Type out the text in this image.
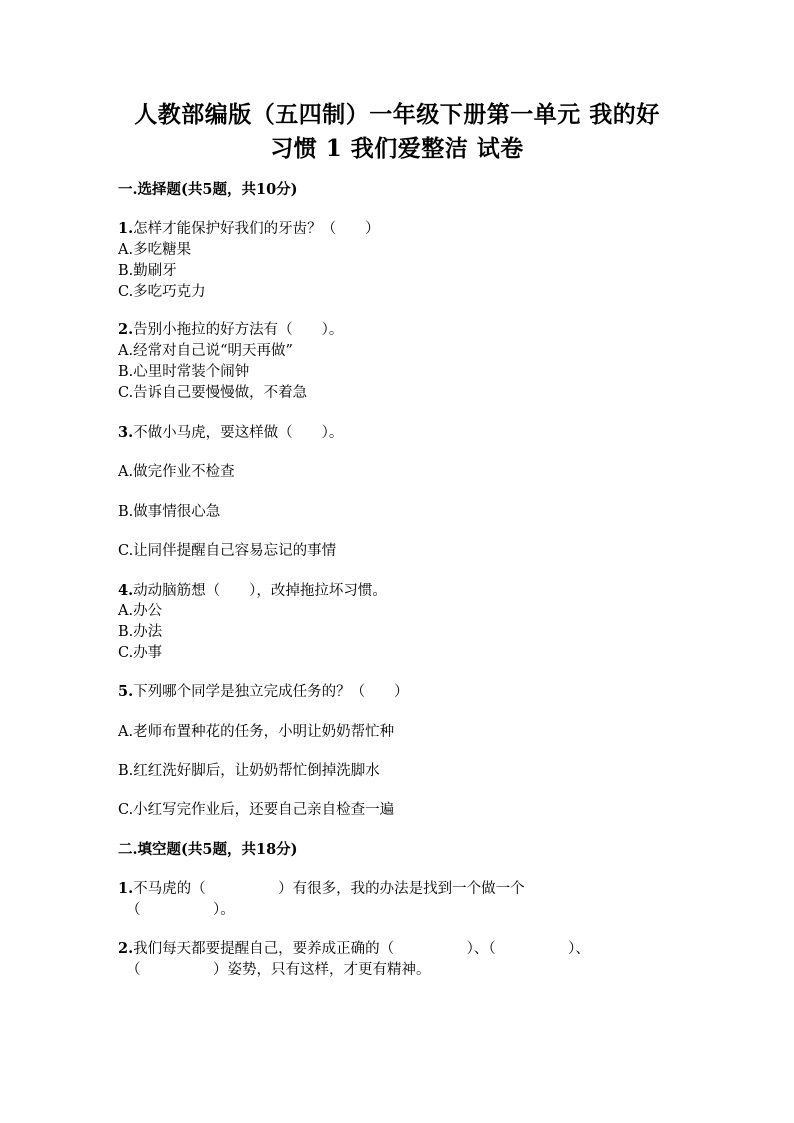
人教部编版（五四制）一年级下册第一单元 我的好
习惯 1 我们爱整洁 试卷
一.选择题(共5题，共10分)
1.怎样才能保护好我们的牙齿？（　　）
A.多吃糖果
B.勤刷牙
C.多吃巧克力
2.告别小拖拉的好方法有（　　）。
A.经常对自己说“明天再做”
B.心里时常装个闹钟
C.告诉自己要慢慢做，不着急
3.不做小马虎，要这样做（　　）。
A.做完作业不检查
B.做事情很心急
C.让同伴提醒自己容易忘记的事情
4.动动脑筋想（　　），改掉拖拉坏习惯。
A.办公
B.办法
C.办事
5.下列哪个同学是独立完成任务的？（　　）
A.老师布置种花的任务，小明让奶奶帮忙种
B.红红洗好脚后，让奶奶帮忙倒掉洗脚水
C.小红写完作业后，还要自己亲自检查一遍
二.填空题(共5题，共18分)
1.不马虎的（　　　　　）有很多，我的办法是找到一个做一个
（　　　　　）。
2.我们每天都要提醒自己，要养成正确的（　　　　　）、（　　　　　）、
（　　　　　）姿势，只有这样，才更有精神。
